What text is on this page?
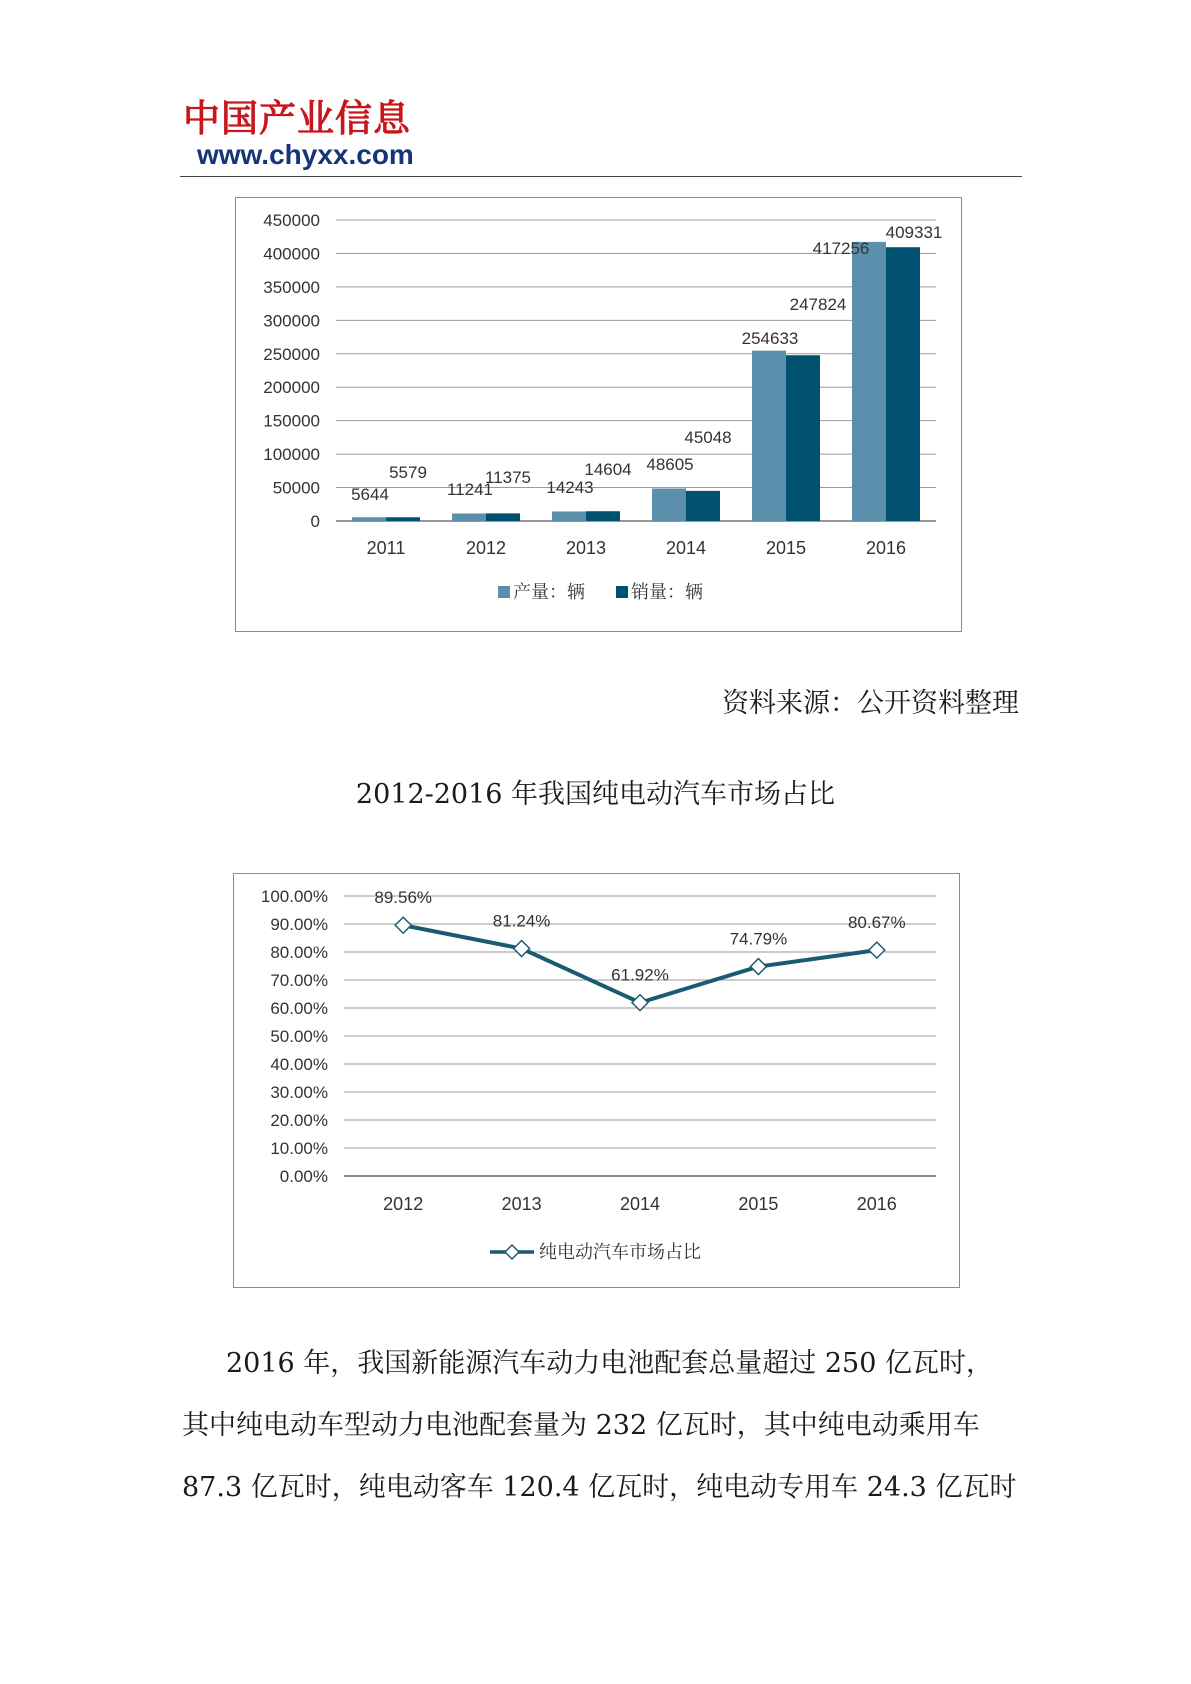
中国产业信息
www.chyxx.com
0
50000
100000
150000
200000
250000
300000
350000
400000
450000
2011	2012	2013	2014	2015	2016
5644
5579
11241
11375
14243
14604 48605
45048
254633
247824
417256
409331
产量：辆	销量：辆
资料来源：公开资料整理
2012-2016 年我国纯电动汽车市场占比
0.00%
10.00%
20.00%
30.00%
40.00%
50.00%
60.00%
70.00%
80.00%
90.00%
100.00%
2012	2013	2014	2015	2016
89.56%
81.24%
61.92%
74.79%
80.67%
纯电动汽车市场占比

2016 年，我国新能源汽车动力电池配套总量超过 250 亿瓦时，

其中纯电动车型动力电池配套量为 232 亿瓦时，其中纯电动乘用车

87.3 亿瓦时，纯电动客车 120.4 亿瓦时，纯电动专用车 24.3 亿瓦时
